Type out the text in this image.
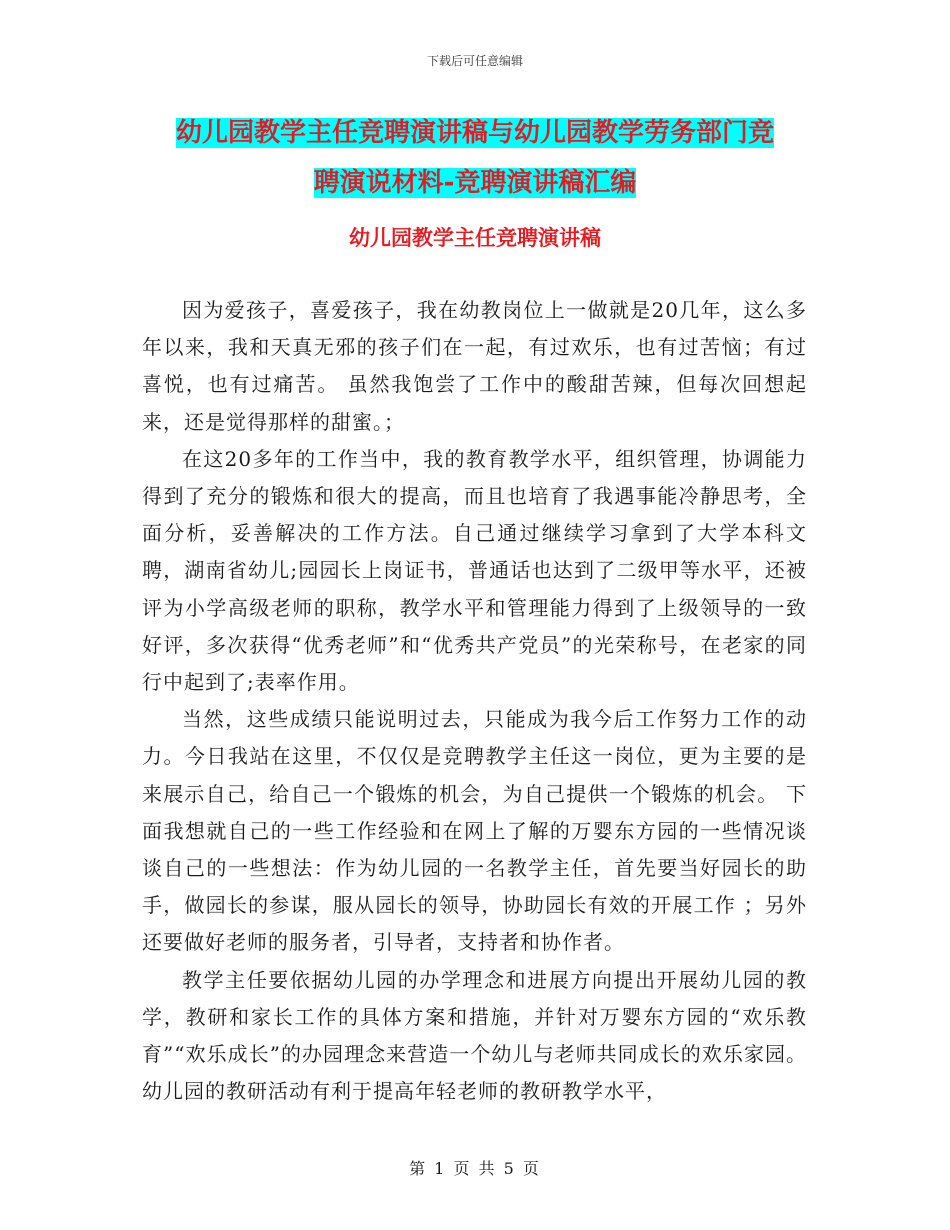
下载后可任意编辑
幼儿园教学主任竞聘演讲稿与幼儿园教学劳务部门竞
聘演说材料-竞聘演讲稿汇编
幼儿园教学主任竞聘演讲稿

因为爱孩子，喜爱孩子，我在幼教岗位上一做就是20几年，这么多年以来，我和天真无邪的孩子们在一起，有过欢乐，也有过苦恼；有过喜悦，也有过痛苦。 虽然我饱尝了工作中的酸甜苦辣，但每次回想起来，还是觉得那样的甜蜜。；

在这20多年的工作当中，我的教育教学水平，组织管理，协调能力得到了充分的锻炼和很大的提高，而且也培育了我遇事能冷静思考，全面分析，妥善解决的工作方法。自己通过继续学习拿到了大学本科文聘，湖南省幼儿;园园长上岗证书，普通话也达到了二级甲等水平，还被评为小学高级老师的职称，教学水平和管理能力得到了上级领导的一致好评，多次获得“优秀老师”和“优秀共产党员”的光荣称号，在老家的同行中起到了;表率作用。

当然，这些成绩只能说明过去，只能成为我今后工作努力工作的动力。今日我站在这里，不仅仅是竞聘教学主任这一岗位，更为主要的是来展示自己，给自己一个锻炼的机会，为自己提供一个锻炼的机会。 下面我想就自己的一些工作经验和在网上了解的万婴东方园的一些情况谈谈自己的一些想法：作为幼儿园的一名教学主任，首先要当好园长的助手，做园长的参谋，服从园长的领导，协助园长有效的开展工作 ；另外还要做好老师的服务者，引导者，支持者和协作者。

教学主任要依据幼儿园的办学理念和进展方向提出开展幼儿园的教学，教研和家长工作的具体方案和措施，并针对万婴东方园的“欢乐教育”“欢乐成长”的办园理念来营造一个幼儿与老师共同成长的欢乐家园。幼儿园的教研活动有利于提高年轻老师的教研教学水平，

第 1 页 共 5 页
